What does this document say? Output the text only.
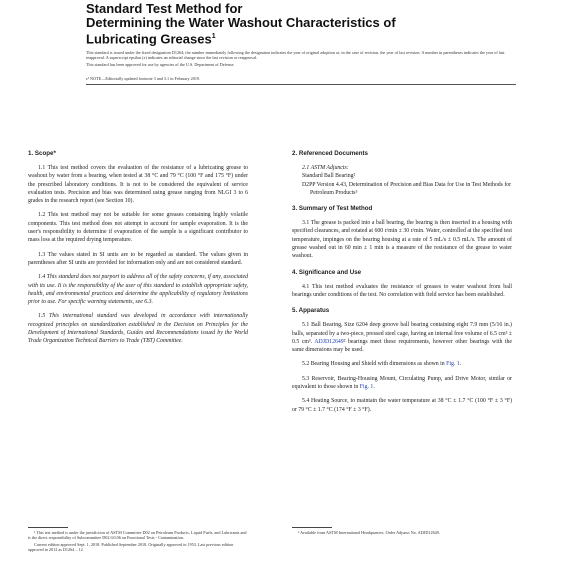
Standard Test Method for
Determining the Water Washout Characteristics of
Lubricating Greases$^1$

This standard is issued under the fixed designation D1264; the number immediately following the designation indicates the year of original adoption or, in the case of revision, the year of last revision. A number in parentheses indicates the year of last reapproval. A superscript epsilon (ε) indicates an editorial change since the last revision or reapproval.

This standard has been approved for use by agencies of the U.S. Department of Defense.

ε¹ NOTE—Editorially updated footnote 3 and 3.1 in February 2019.
1. Scope*

1.1 This test method covers the evaluation of the resistance of a lubricating grease to washout by water from a bearing, when tested at 38 °C and 79 °C (100 °F and 175 °F) under the prescribed laboratory conditions. It is not to be considered the equivalent of service evaluation tests. Precision and bias was determined using grease ranging from NLGI 3 to 6 grades in the research report (see Section 10).

1.2 This test method may not be suitable for some greases containing highly volatile components. This test method does not attempt to account for sample evaporation. It is the user's responsibility to determine if evaporation of the sample is a significant contributor to mass loss at the required drying temperature.

1.3 The values stated in SI units are to be regarded as standard. The values given in parentheses after SI units are provided for information only and are not considered standard.

1.4 This standard does not purport to address all of the safety concerns, if any, associated with its use. It is the responsibility of the user of this standard to establish appropriate safety, health, and environmental practices and determine the applicability of regulatory limitations prior to use. For specific warning statements, see 6.3.

1.5 This international standard was developed in accordance with internationally recognized principles on standardization established in the Decision on Principles for the Development of International Standards, Guides and Recommendations issued by the World Trade Organization Technical Barriers to Trade (TBT) Committee.

2. Referenced Documents
2.1 ASTM Adjuncts:
Standard Ball Bearing²
D2PP Version 4.43, Determination of Precision and Bias Data for Use in Test Methods for Petroleum Products³
3. Summary of Test Method

3.1 The grease is packed into a ball bearing, the bearing is then inserted in a housing with specified clearances, and rotated at 600 r/min ± 30 r/min. Water, controlled at the specified test temperature, impinges on the bearing housing at a rate of 5 mL/s ± 0.5 mL/s. The amount of grease washed out in 60 min ± 1 min is a measure of the resistance of the grease to water washout.

4. Significance and Use

4.1 This test method evaluates the resistance of greases to water washout from ball bearings under conditions of the test. No correlation with field service has been established.

5. Apparatus

5.1 Ball Bearing, Size 6204 deep groove ball bearing containing eight 7.9 mm (5/16 in.) balls, separated by a two-piece, pressed steel cage, having an internal free volume of 6.5 cm³ ± 0.5 cm³. ADJD12649² bearings meet these requirements, however other bearings with the same dimensions may be used.

5.2 Bearing Housing and Shield with dimensions as shown in Fig. 1.

5.3 Reservoir, Bearing-Housing Mount, Circulating Pump, and Drive Motor, similar or equivalent to those shown in Fig. 1.

5.4 Heating Source, to maintain the water temperature at 38 °C ± 1.7 °C (100 °F ± 3 °F) or 79 °C ± 1.7 °C (174 °F ± 3 °F).

¹ This test method is under the jurisdiction of ASTM Committee D02 on Petroleum Products, Liquid Fuels, and Lubricants and is the direct responsibility of Subcommittee D02.G0.06 on Functional Tests - Contamination.

Current edition approved Sept. 1, 2018. Published September 2018. Originally approved in 1953. Last previous edition approved in 2012 as D1264 – 12.

² Available from ASTM International Headquarters. Order Adjunct No. ADJD12649.
